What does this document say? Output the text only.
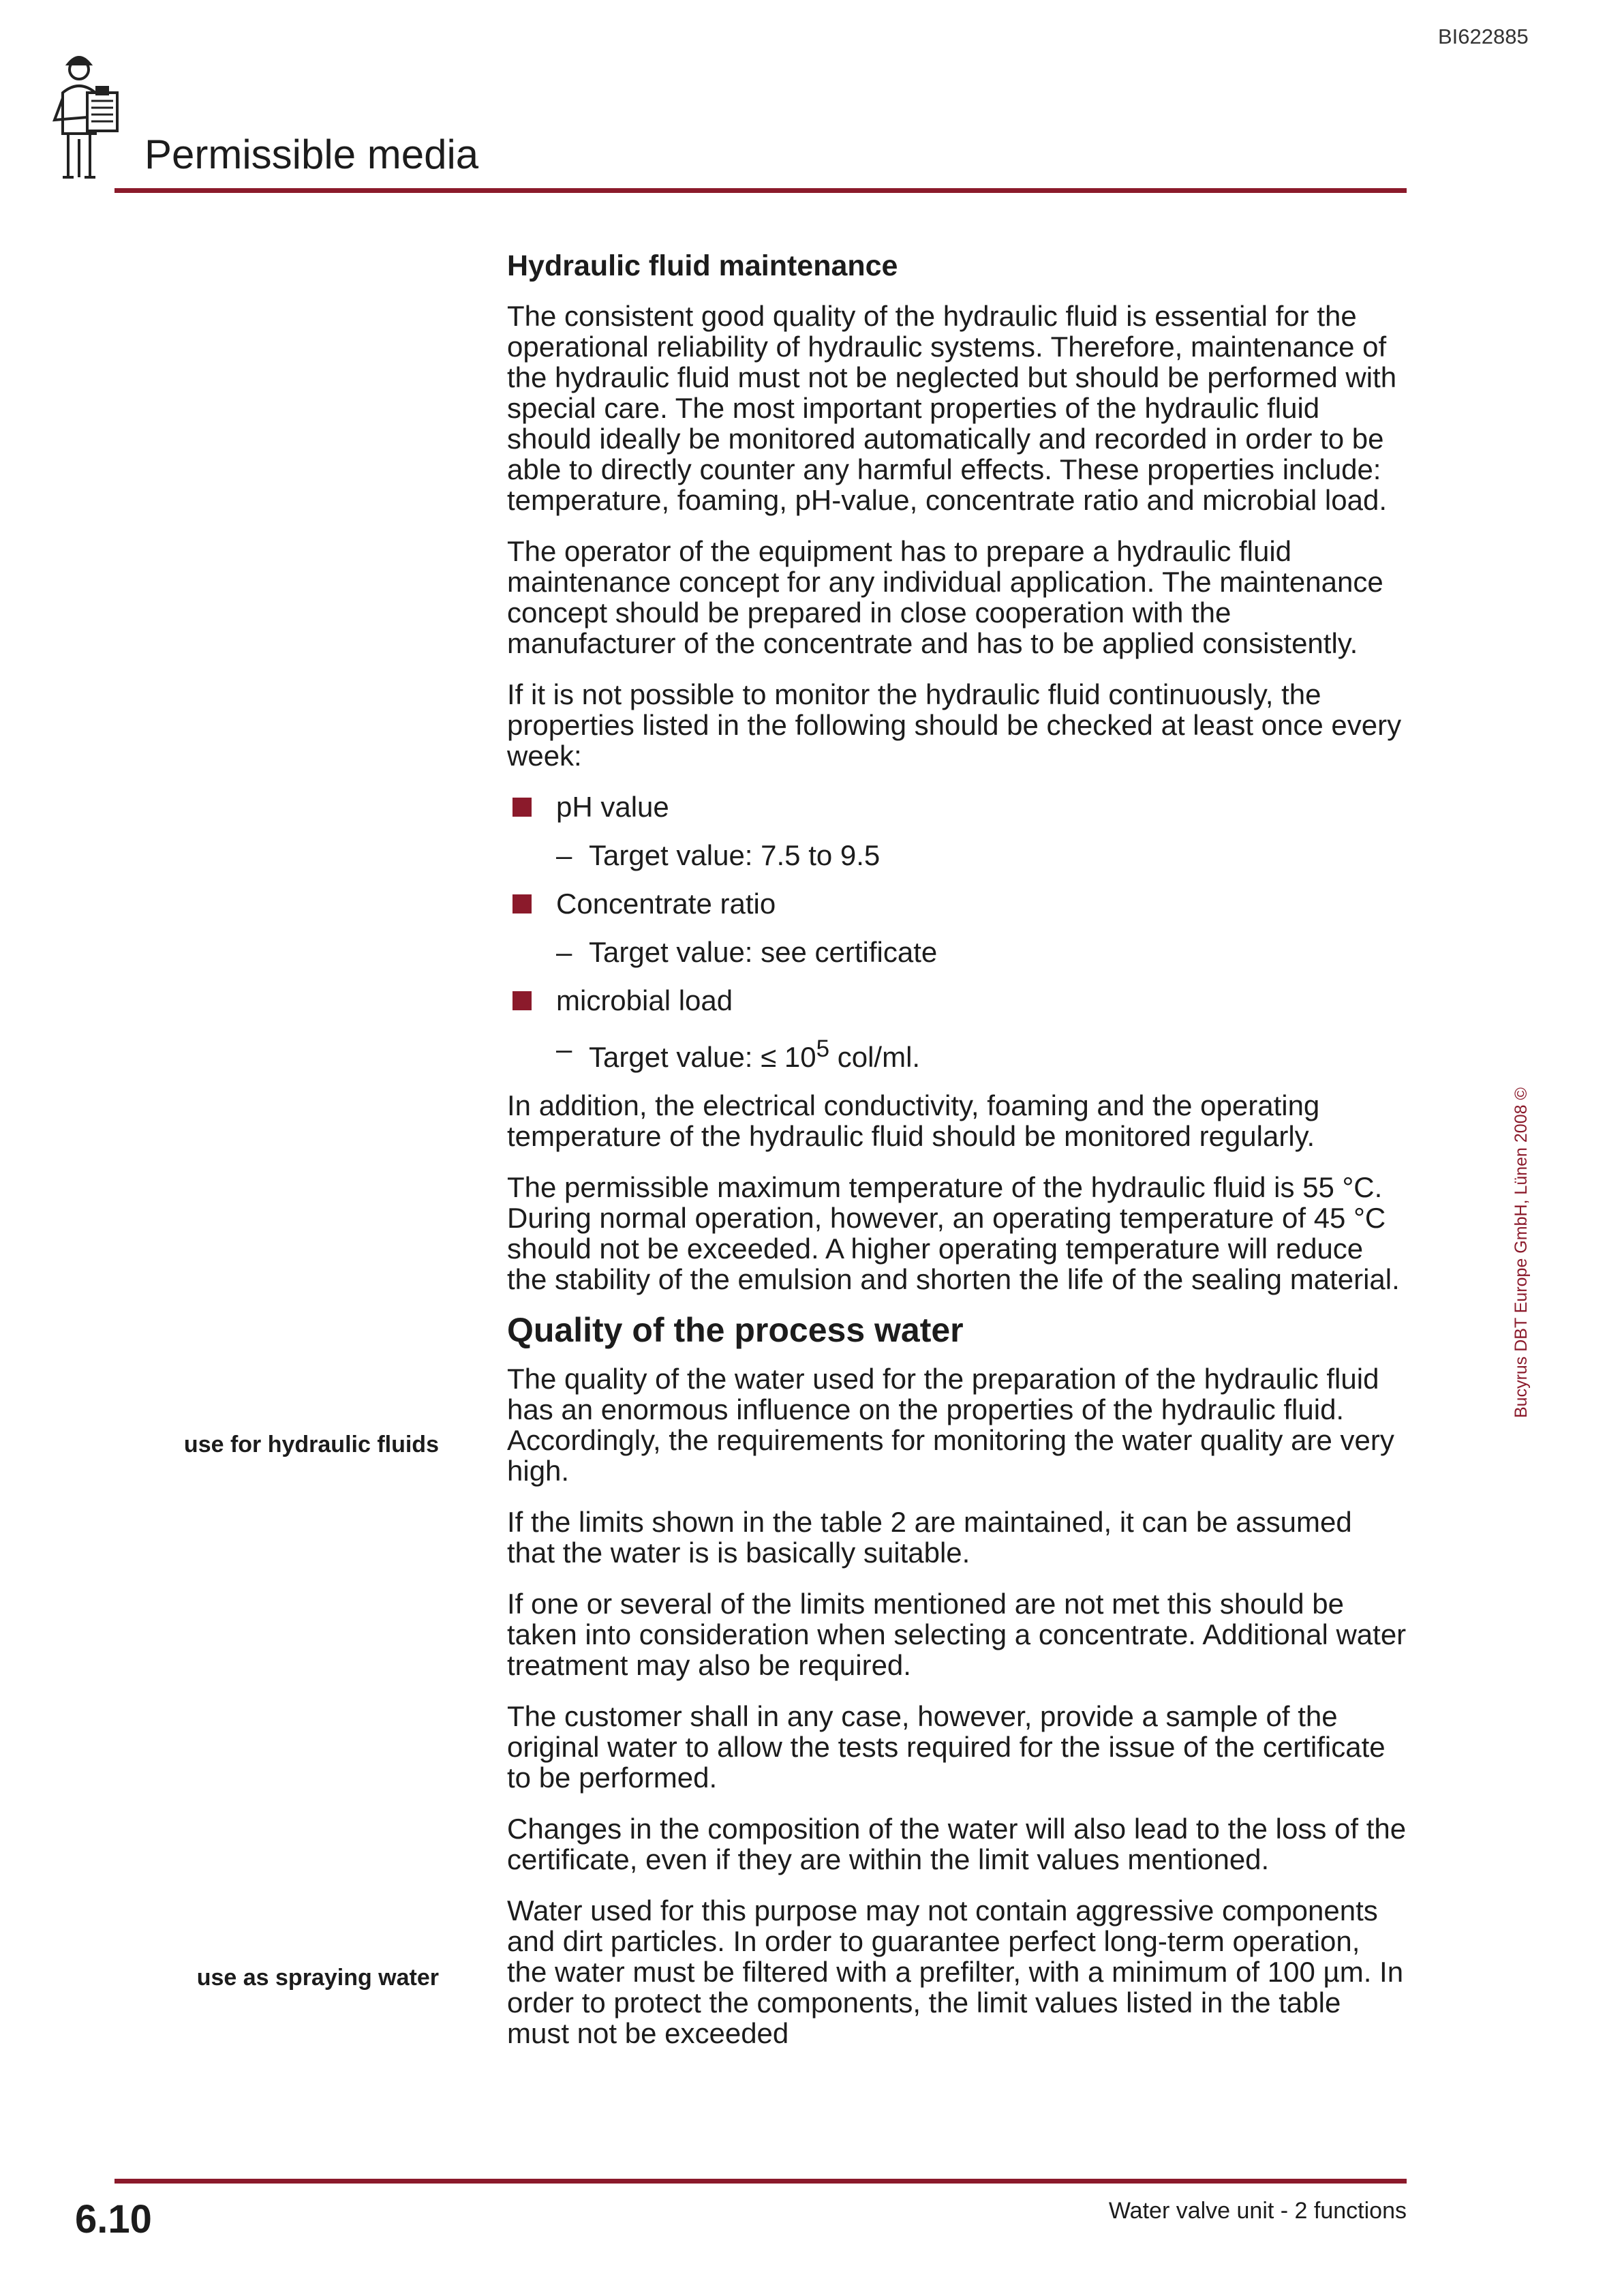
BI622885
Permissible media
Hydraulic fluid maintenance

The consistent good quality of the hydraulic fluid is essential for the operational reliability of hydraulic systems. Therefore, maintenance of the hydraulic fluid must not be neglected but should be performed with special care. The most important properties of the hydraulic fluid should ideally be monitored automatically and recorded in order to be able to directly counter any harmful effects. These properties include: temperature, foaming, pH-value, concentrate ratio and microbial load.

The operator of the equipment has to prepare a hydraulic fluid maintenance concept for any individual application. The maintenance concept should be prepared in close cooperation with the manufacturer of the concentrate and has to be applied consistently.

If it is not possible to monitor the hydraulic fluid continuously, the properties listed in the following should be checked at least once every week:

pH value
– Target value: 7.5 to 9.5
Concentrate ratio
– Target value: see certificate
microbial load
– Target value: ≤ $10^5$ col/ml.

In addition, the electrical conductivity, foaming and the operating temperature of the hydraulic fluid should be monitored regularly.

The permissible maximum temperature of the hydraulic fluid is 55 °C. During normal operation, however, an operating temperature of 45 °C should not be exceeded. A higher operating temperature will reduce the stability of the emulsion and shorten the life of the sealing material.

Quality of the process water

The quality of the water used for the preparation of the hydraulic fluid has an enormous influence on the properties of the hydraulic fluid. Accordingly, the requirements for monitoring the water quality are very high.

If the limits shown in the table 2 are maintained, it can be assumed that the water is is basically suitable.

If one or several of the limits mentioned are not met this should be taken into consideration when selecting a concentrate. Additional water treatment may also be required.

The customer shall in any case, however, provide a sample of the original water to allow the tests required for the issue of the certificate to be performed.

Changes in the composition of the water will also lead to the loss of the certificate, even if they are within the limit values mentioned.

Water used for this purpose may not contain aggressive components and dirt particles. In order to guarantee perfect long-term operation, the water must be filtered with a prefilter, with a minimum of 100 µm. In order to protect the components, the limit values listed in the table must not be exceeded

use for hydraulic fluids
use as spraying water
Bucyrus DBT Europe GmbH, Lünen 2008 ©
6.10	Water valve unit - 2 functions
